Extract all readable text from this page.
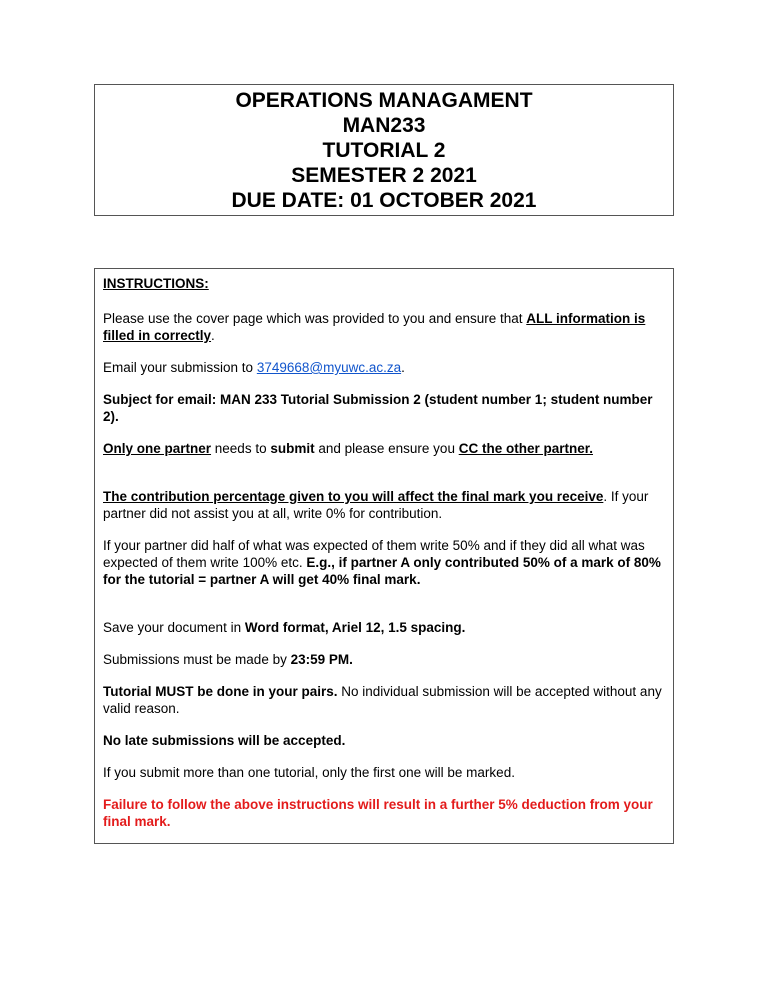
OPERATIONS MANAGAMENT
MAN233
TUTORIAL 2
SEMESTER 2 2021
DUE DATE: 01 OCTOBER 2021

INSTRUCTIONS:

Please use the cover page which was provided to you and ensure that ALL information is filled in correctly.

Email your submission to 3749668@myuwc.ac.za.

Subject for email: MAN 233 Tutorial Submission 2 (student number 1; student number 2).

Only one partner needs to submit and please ensure you CC the other partner.

The contribution percentage given to you will affect the final mark you receive. If your partner did not assist you at all, write 0% for contribution.

If your partner did half of what was expected of them write 50% and if they did all what was expected of them write 100% etc. E.g., if partner A only contributed 50% of a mark of 80% for the tutorial = partner A will get 40% final mark.

Save your document in Word format, Ariel 12, 1.5 spacing.

Submissions must be made by 23:59 PM.

Tutorial MUST be done in your pairs. No individual submission will be accepted without any valid reason.

No late submissions will be accepted.

If you submit more than one tutorial, only the first one will be marked.

Failure to follow the above instructions will result in a further 5% deduction from your final mark.
